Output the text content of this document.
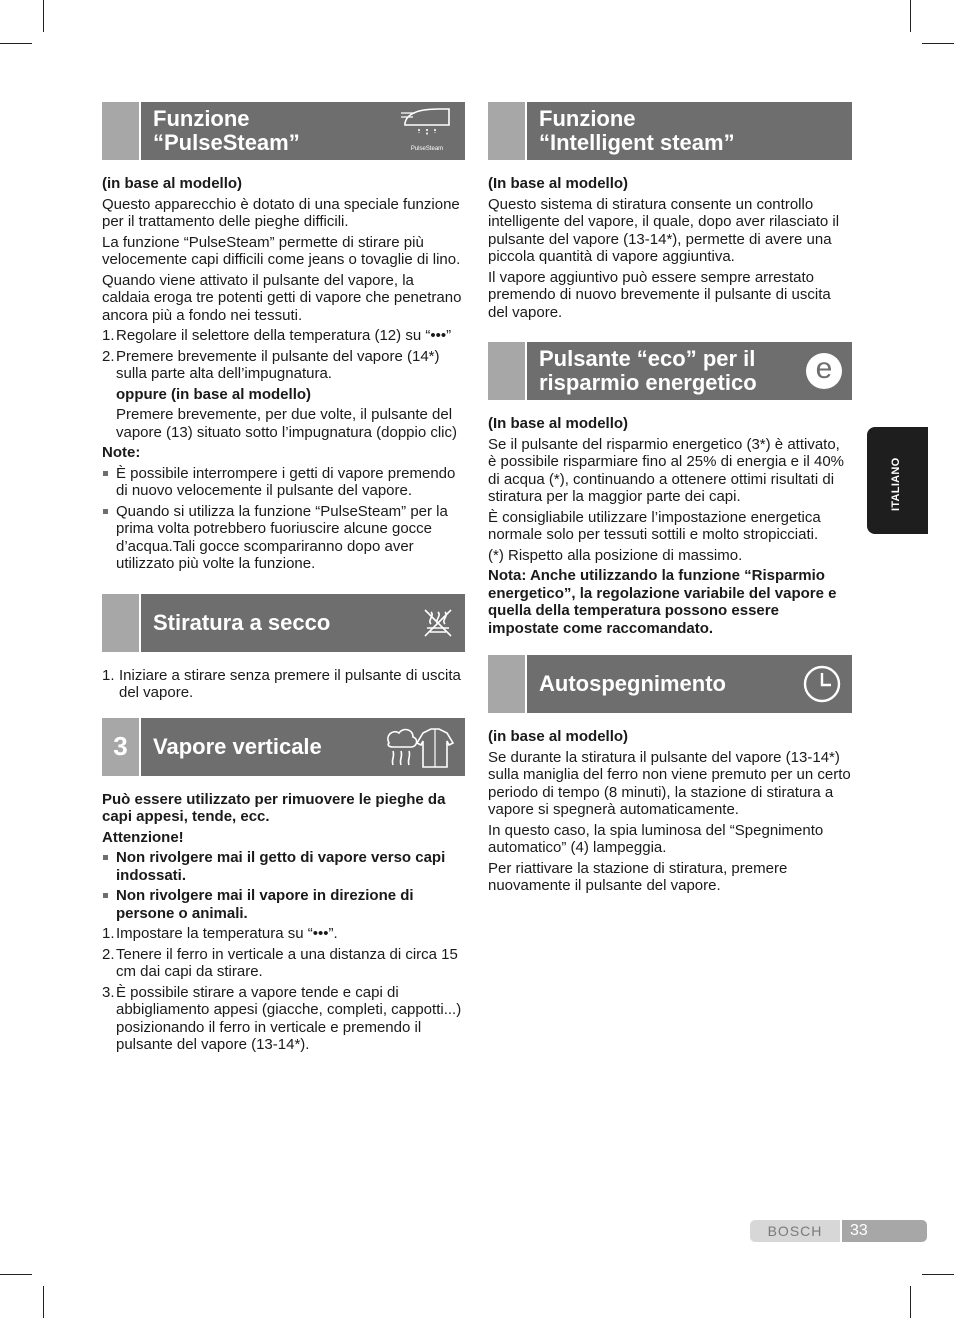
Funzione
“PulseSteam”	PulseSteam

(in base al modello)

Questo apparecchio è dotato di una speciale funzione per il trattamento delle pieghe difficili.

La funzione “PulseSteam” permette di stirare più velocemente capi difficili come jeans o tovaglie di lino.

Quando viene attivato il pulsante del vapore, la caldaia eroga tre potenti getti di vapore che penetrano ancora più a fondo nei tessuti.

1. Regolare il selettore della temperatura (12) su “•••”
2. Premere brevemente il pulsante del vapore (14*) sulla parte alta dell’impugnatura.

oppure (in base al modello)

Premere brevemente, per due volte, il pulsante del vapore (13) situato sotto l’impugnatura (doppio clic)

Note:

È possibile interrompere i getti di vapore premendo di nuovo velocemente il pulsante del vapore.
Quando si utilizza la funzione “PulseSteam” per la prima volta potrebbero fuoriuscire alcune gocce d’acqua.Tali gocce scompariranno dopo aver utilizzato più volte la funzione.
Stiratura a secco
1. Iniziare a stirare senza premere il pulsante di uscita del vapore.
3	Vapore verticale

Può essere utilizzato per rimuovere le pieghe da capi appesi, tende, ecc.

Attenzione!

Non rivolgere mai il getto di vapore verso capi indossati.
Non rivolgere mai il vapore in direzione di persone o animali.
1. Impostare la temperatura su “•••”.
2. Tenere il ferro in verticale a una distanza di circa 15 cm dai capi da stirare.
3. È possibile stirare a vapore tende e capi di abbigliamento appesi (giacche, completi, cappotti...) posizionando il ferro in verticale e premendo il pulsante del vapore (13-14*).
Funzione
“Intelligent steam”

(In base al modello)

Questo sistema di stiratura consente un controllo intelligente del vapore, il quale, dopo aver rilasciato il pulsante del vapore (13-14*), permette di avere una piccola quantità di vapore aggiuntiva.

Il vapore aggiuntivo può essere sempre arrestato premendo di nuovo brevemente il pulsante di uscita del vapore.

Pulsante “eco” per il
risparmio energetico e

(In base al modello)

Se il pulsante del risparmio energetico (3*) è attivato, è possibile risparmiare fino al 25% di energia e il 40% di acqua (*), continuando a ottenere ottimi risultati di stiratura per la maggior parte dei capi.

È consigliabile utilizzare l’impostazione energetica normale solo per tessuti sottili e molto stropicciati.

(*) Rispetto alla posizione di massimo.

Nota: Anche utilizzando la funzione “Risparmio energetico”, la regolazione variabile del vapore e quella della temperatura possono essere impostate come raccomandato.

Autospegnimento

(in base al modello)

Se durante la stiratura il pulsante del vapore (13-14*) sulla maniglia del ferro non viene premuto per un certo periodo di tempo (8 minuti), la stazione di stiratura a vapore si spegnerà automaticamente.

In questo caso, la spia luminosa del “Spegnimento automatico” (4) lampeggia.

Per riattivare la stazione di stiratura, premere nuovamente il pulsante del vapore.

ITALIANO
BOSCH	33
